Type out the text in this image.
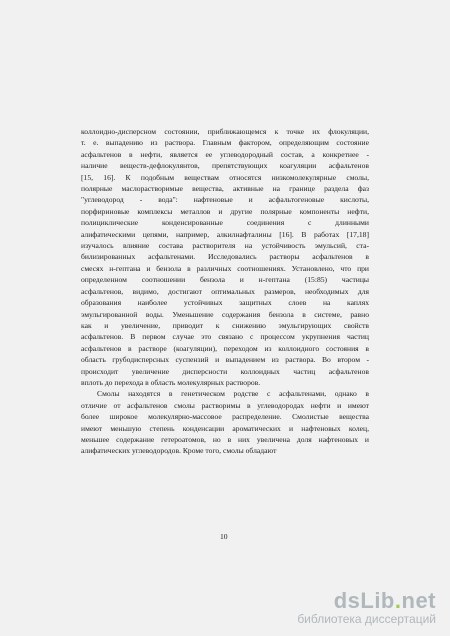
коллоидно-дисперсном состоянии, приближающемся к точке их флокуляции,
т. е. выпадению из раствора. Главным фактором, определяющим состояние
асфальтенов в нефти, является ее углеводородный состав, а конкретнее -
наличие веществ-дефлокулянтов, препятствующих коагуляции асфальтенов
[15, 16]. К подобным веществам относятся низкомолекулярные смолы,
полярные маслорастворимые вещества, активные на границе раздела фаз
"углеводород - вода": нафтеновые и асфальтогеновые кислоты,
порфириновые комплексы металлов и другие полярные компоненты нефти,
полициклические конденсированные соединения с длинными
алифатическими цепями, например, алкилнафталины [16]. В работах [17,18]
изучалось влияние состава растворителя на устойчивость эмульсий, ста-
билизированных асфальтенами. Исследовались растворы асфальтенов в
смесях н-гептана и бензола в различных соотношениях. Установлено, что при
определенном соотношении бензола и н-гептана (15:85) частицы
асфальтенов, видимо, достигают оптимальных размеров, необходимых для
образования наиболее устойчивых защитных слоев на каплях
эмульгированной воды. Уменьшение содержания бензола в системе, равно
как и увеличение, приводит к снижению эмульгирующих свойств
асфальтенов. В первом случае это связано с процессом укрупнения частиц
асфальтенов в растворе (коагуляции), переходом из коллоидного состояния в
область грубодисперсных суспензий и выпадением из раствора. Во втором -
происходит увеличение дисперсности коллоидных частиц асфальтенов
вплоть до перехода в область молекулярных растворов.

Смолы находятся в генетическом родстве с асфальтенами, однако в
отличие от асфальтенов смолы растворимы в углеводородах нефти и имеют
более широкое молекулярно-массовое распределение. Смолистые вещества
имеют меньшую степень конденсации ароматических и нафтеновых колец,
меньшее содержание гетероатомов, но в них увеличена доля нафтеновых и
алифатических углеводородов. Кроме того, смолы обладают

10
dsLib.net
библиотека диссертаций
